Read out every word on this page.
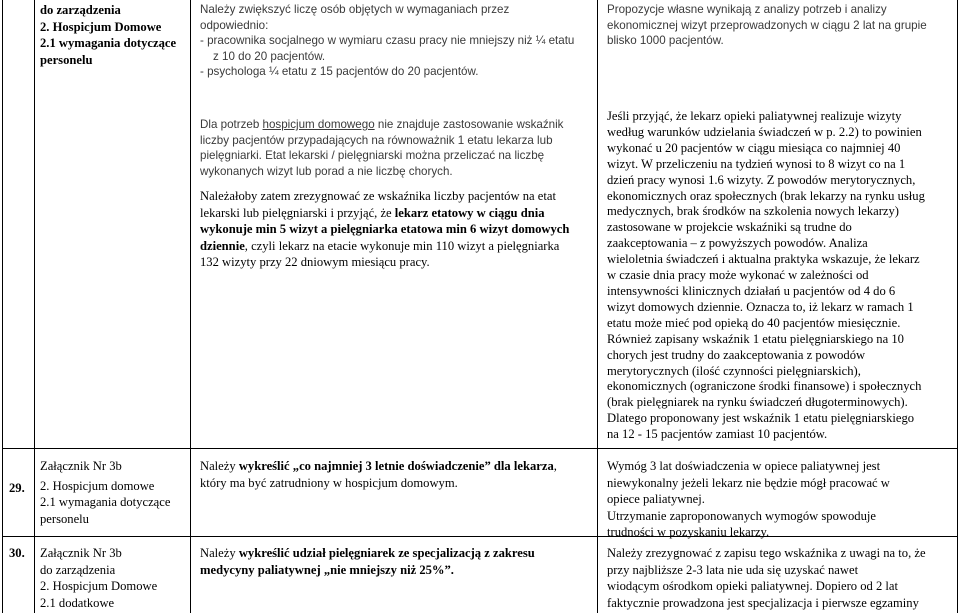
do zarządzenia
2. Hospicjum Domowe
2.1 wymagania dotyczące
personelu
Należy zwiększyć liczę osób objętych w wymaganiach przez
odpowiednio:
- pracownika socjalnego w wymiaru czasu pracy nie mniejszy niż ¼ etatu
z 10 do 20 pacjentów.
- psychologa ¼ etatu z 15 pacjentów do 20 pacjentów.
Dla potrzeb hospicjum domowego nie znajduje zastosowanie wskaźnik
liczby pacjentów przypadających na równoważnik 1 etatu lekarza lub
pielęgniarki. Etat lekarski / pielęgniarski można przeliczać na liczbę
wykonanych wizyt lub porad a nie liczbę chorych.
Należałoby zatem zrezygnować ze wskaźnika liczby pacjentów na etat
lekarski lub pielęgniarski i przyjąć, że lekarz etatowy w ciągu dnia
wykonuje min 5 wizyt a pielęgniarka etatowa min 6 wizyt domowych
dziennie, czyli lekarz na etacie wykonuje min 110 wizyt a pielęgniarka
132 wizyty przy 22 dniowym miesiącu pracy.
Propozycje własne wynikają z analizy potrzeb i analizy
ekonomicznej wizyt przeprowadzonych w ciągu 2 lat na grupie
blisko 1000 pacjentów.
Jeśli przyjąć, że lekarz opieki paliatywnej realizuje wizyty
według warunków udzielania świadczeń w p. 2.2) to powinien
wykonać u 20 pacjentów w ciągu miesiąca co najmniej 40
wizyt. W przeliczeniu na tydzień wynosi to 8 wizyt co na 1
dzień pracy wynosi 1.6 wizyty. Z powodów merytorycznych,
ekonomicznych oraz społecznych (brak lekarzy na rynku usług
medycznych, brak środków na szkolenia nowych lekarzy)
zastosowane w projekcie wskaźniki są trudne do
zaakceptowania – z powyższych powodów. Analiza
wieloletnia świadczeń i aktualna praktyka wskazuje, że lekarz
w czasie dnia pracy może wykonać w zależności od
intensywności klinicznych działań u pacjentów od 4 do 6
wizyt domowych dziennie. Oznacza to, iż lekarz w ramach 1
etatu może mieć pod opieką do 40 pacjentów miesięcznie.
Również zapisany wskaźnik 1 etatu pielęgniarskiego na 10
chorych jest trudny do zaakceptowania z powodów
merytorycznych (ilość czynności pielęgniarskich),
ekonomicznych (ograniczone środki finansowe) i społecznych
(brak pielęgniarek na rynku świadczeń długoterminowych).
Dlatego proponowany jest wskaźnik 1 etatu pielęgniarskiego
na 12 - 15 pacjentów zamiast 10 pacjentów.
29.
Załącznik Nr 3b
2. Hospicjum domowe
2.1 wymagania dotyczące
personelu
Należy wykreślić „co najmniej 3 letnie doświadczenie” dla lekarza,
który ma być zatrudniony w hospicjum domowym.
Wymóg 3 lat doświadczenia w opiece paliatywnej jest
niewykonalny jeżeli lekarz nie będzie mógł pracować w
opiece paliatywnej.
Utrzymanie zaproponowanych wymogów spowoduje
trudności w pozyskaniu lekarzy.
30. Załącznik Nr 3b
do zarządzenia
2. Hospicjum Domowe
2.1 dodatkowe
Należy wykreślić udział pielęgniarek ze specjalizacją z zakresu
medycyny paliatywnej „nie mniejszy niż 25%”.
Należy zrezygnować z zapisu tego wskaźnika z uwagi na to, że
przy najbliższe 2-3 lata nie uda się uzyskać nawet
wiodącym ośrodkom opieki paliatywnej. Dopiero od 2 lat
faktycznie prowadzona jest specjalizacja i pierwsze egzaminy
